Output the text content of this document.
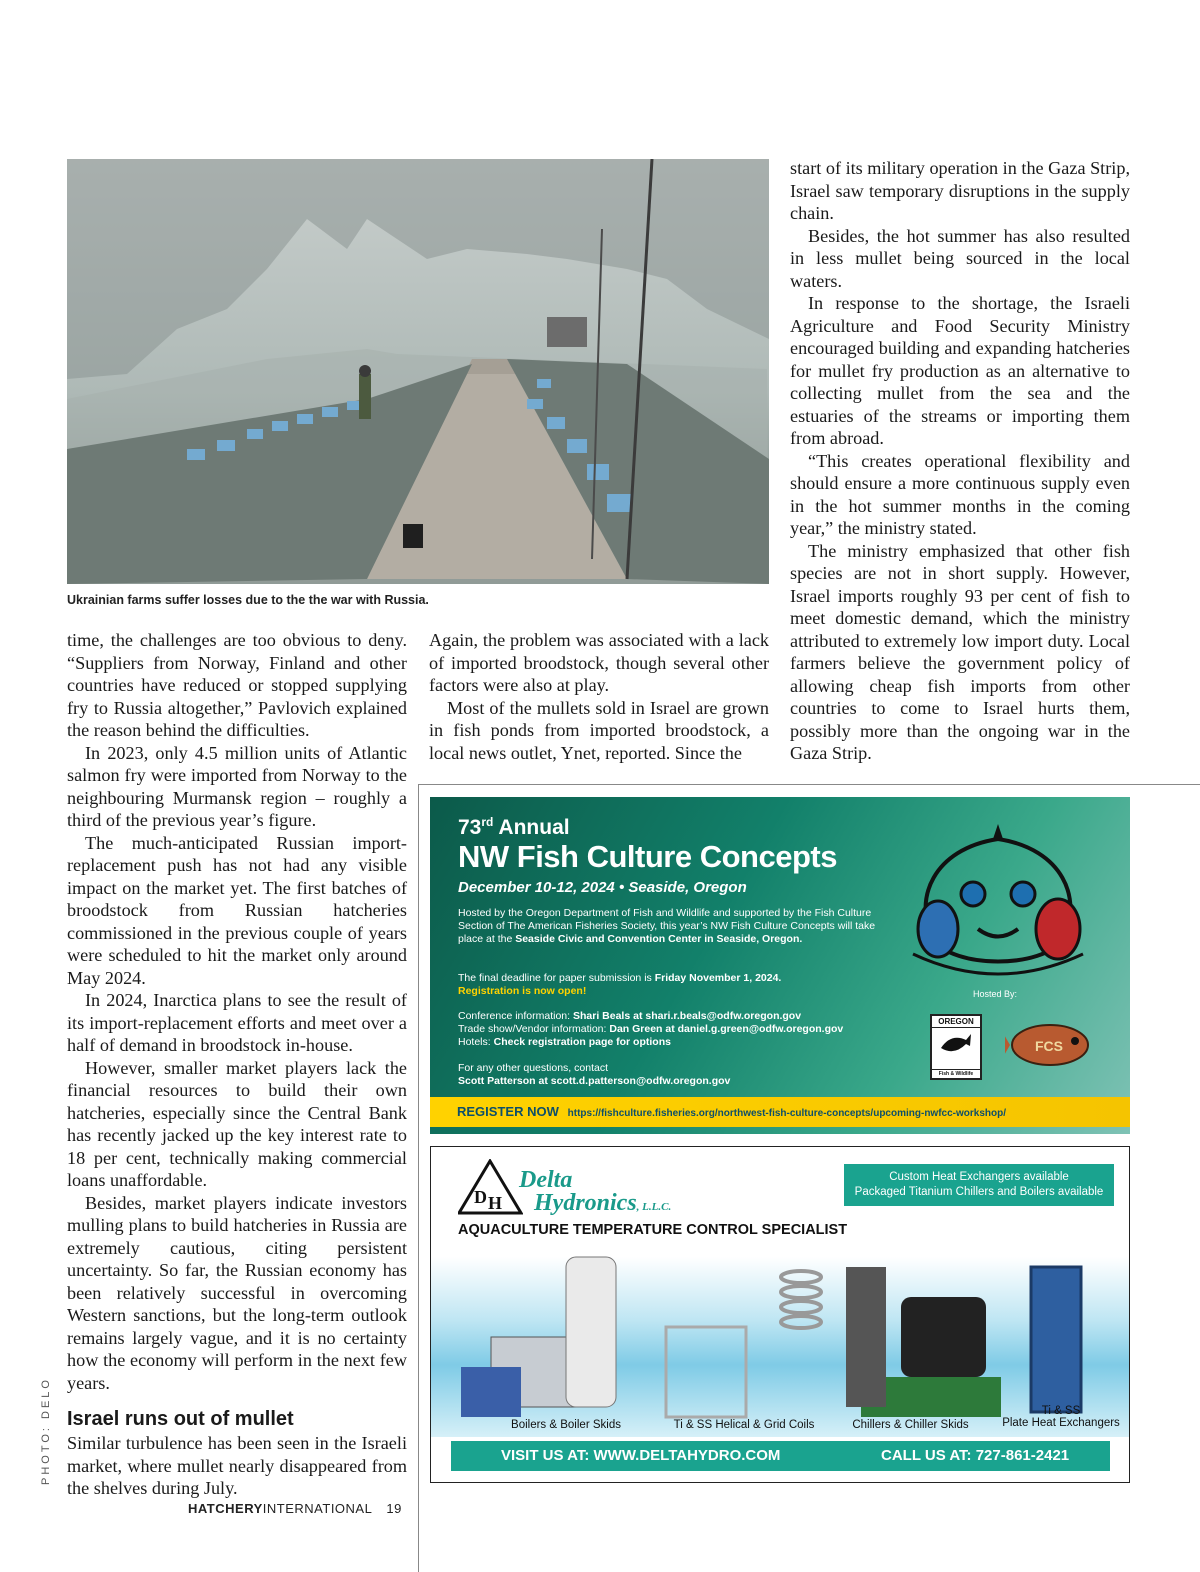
Ukrainian farms suffer losses due to the the war with Russia.

time, the challenges are too obvious to deny. “Suppliers from Norway, Finland and other countries have reduced or stopped supplying fry to Russia altogether,” Pavlovich explained the reason behind the difficulties.

In 2023, only 4.5 million units of Atlantic salmon fry were imported from Norway to the neighbouring Murmansk region – roughly a third of the previous year’s figure.

The much-anticipated Russian import-replacement push has not had any visible impact on the market yet. The first batches of broodstock from Russian hatcheries commissioned in the previous couple of years were scheduled to hit the market only around May 2024.

In 2024, Inarctica plans to see the result of its import-replacement efforts and meet over a half of demand in broodstock in-house.

However, smaller market players lack the financial resources to build their own hatcheries, especially since the Central Bank has recently jacked up the key interest rate to 18 per cent, technically making commercial loans unaffordable.

Besides, market players indicate investors mulling plans to build hatcheries in Russia are extremely cautious, citing persistent uncertainty. So far, the Russian economy has been relatively successful in overcoming Western sanctions, but the long-term outlook remains largely vague, and it is no certainty how the economy will perform in the next few years.

Israel runs out of mullet

Similar turbulence has been seen in the Israeli market, where mullet nearly disappeared from the shelves during July.

Again, the problem was associated with a lack of imported broodstock, though several other factors were also at play.

Most of the mullets sold in Israel are grown in fish ponds from imported broodstock, a local news outlet, Ynet, reported. Since the

start of its military operation in the Gaza Strip, Israel saw temporary disruptions in the supply chain.

Besides, the hot summer has also resulted in less mullet being sourced in the local waters.

In response to the shortage, the Israeli Agriculture and Food Security Ministry encouraged building and expanding hatcheries for mullet fry production as an alternative to collecting mullet from the sea and the estuaries of the streams or importing them from abroad.

“This creates operational flexibility and should ensure a more continuous supply even in the hot summer months in the coming year,” the ministry stated.

The ministry emphasized that other fish species are not in short supply. However, Israel imports roughly 93 per cent of fish to meet domestic demand, which the ministry attributed to extremely low import duty. Local farmers believe the government policy of allowing cheap fish imports from other countries to come to Israel hurts them, possibly more than the ongoing war in the Gaza Strip.

PHOTO: DELO
HATCHERYINTERNATIONAL 19
73rd Annual
NW Fish Culture Concepts
December 10-12, 2024 • Seaside, Oregon
Hosted by the Oregon Department of Fish and Wildlife and supported by the Fish Culture Section of The American Fisheries Society, this year’s NW Fish Culture Concepts will take place at the Seaside Civic and Convention Center in Seaside, Oregon.
The final deadline for paper submission is Friday November 1, 2024.
Registration is now open!
Conference information: Shari Beals at shari.r.beals@odfw.oregon.gov
Trade show/Vendor information: Dan Green at daniel.g.green@odfw.oregon.gov
Hotels: Check registration page for options
For any other questions, contact
Scott Patterson at scott.d.patterson@odfw.oregon.gov
Hosted By:
OREGON
Fish & Wildlife
FCS
REGISTER NOW https://fishculture.fisheries.org/northwest-fish-culture-concepts/upcoming-nwfcc-workshop/
D H
Delta
Hydronics, L.L.C.
AQUACULTURE TEMPERATURE CONTROL SPECIALIST
Custom Heat Exchangers available
Packaged Titanium Chillers and Boilers available
Boilers & Boiler Skids	Ti & SS Helical & Grid Coils	Chillers & Chiller Skids
Ti & SS
Plate Heat Exchangers
VISIT US AT: WWW.DELTAHYDRO.COM	CALL US AT: 727-861-2421
